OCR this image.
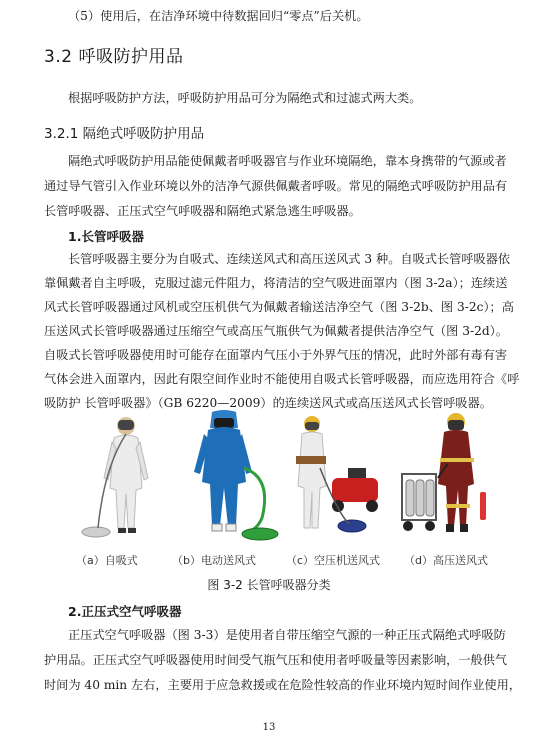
（5）使用后，在洁净环境中待数据回归“零点”后关机。
3.2 呼吸防护用品
根据呼吸防护方法，呼吸防护用品可分为隔绝式和过滤式两大类。
3.2.1 隔绝式呼吸防护用品
隔绝式呼吸防护用品能使佩戴者呼吸器官与作业环境隔绝，靠本身携带的气源或者
通过导气管引入作业环境以外的洁净气源供佩戴者呼吸。常见的隔绝式呼吸防护用品有
长管呼吸器、正压式空气呼吸器和隔绝式紧急逃生呼吸器。
1.长管呼吸器
长管呼吸器主要分为自吸式、连续送风式和高压送风式 3 种。自吸式长管呼吸器依
靠佩戴者自主呼吸，克服过滤元件阻力，将清洁的空气吸进面罩内（图 3-2a）；连续送
风式长管呼吸器通过风机或空压机供气为佩戴者输送洁净空气（图 3-2b、图 3-2c）；高
压送风式长管呼吸器通过压缩空气或高压气瓶供气为佩戴者提供洁净空气（图 3-2d）。
自吸式长管呼吸器使用时可能存在面罩内气压小于外界气压的情况，此时外部有毒有害
气体会进入面罩内，因此有限空间作业时不能使用自吸式长管呼吸器，而应选用符合《呼
吸防护 长管呼吸器》（GB 6220—2009）的连续送风式或高压送风式长管呼吸器。
（a）自吸式	（b）电动送风式	（c）空压机送风式 （d）高压送风式
图 3-2 长管呼吸器分类
2.正压式空气呼吸器
正压式空气呼吸器（图 3-3）是使用者自带压缩空气源的一种正压式隔绝式呼吸防
护用品。正压式空气呼吸器使用时间受气瓶气压和使用者呼吸量等因素影响，一般供气
时间为 40 min 左右，主要用于应急救援或在危险性较高的作业环境内短时间作业使用，
13
